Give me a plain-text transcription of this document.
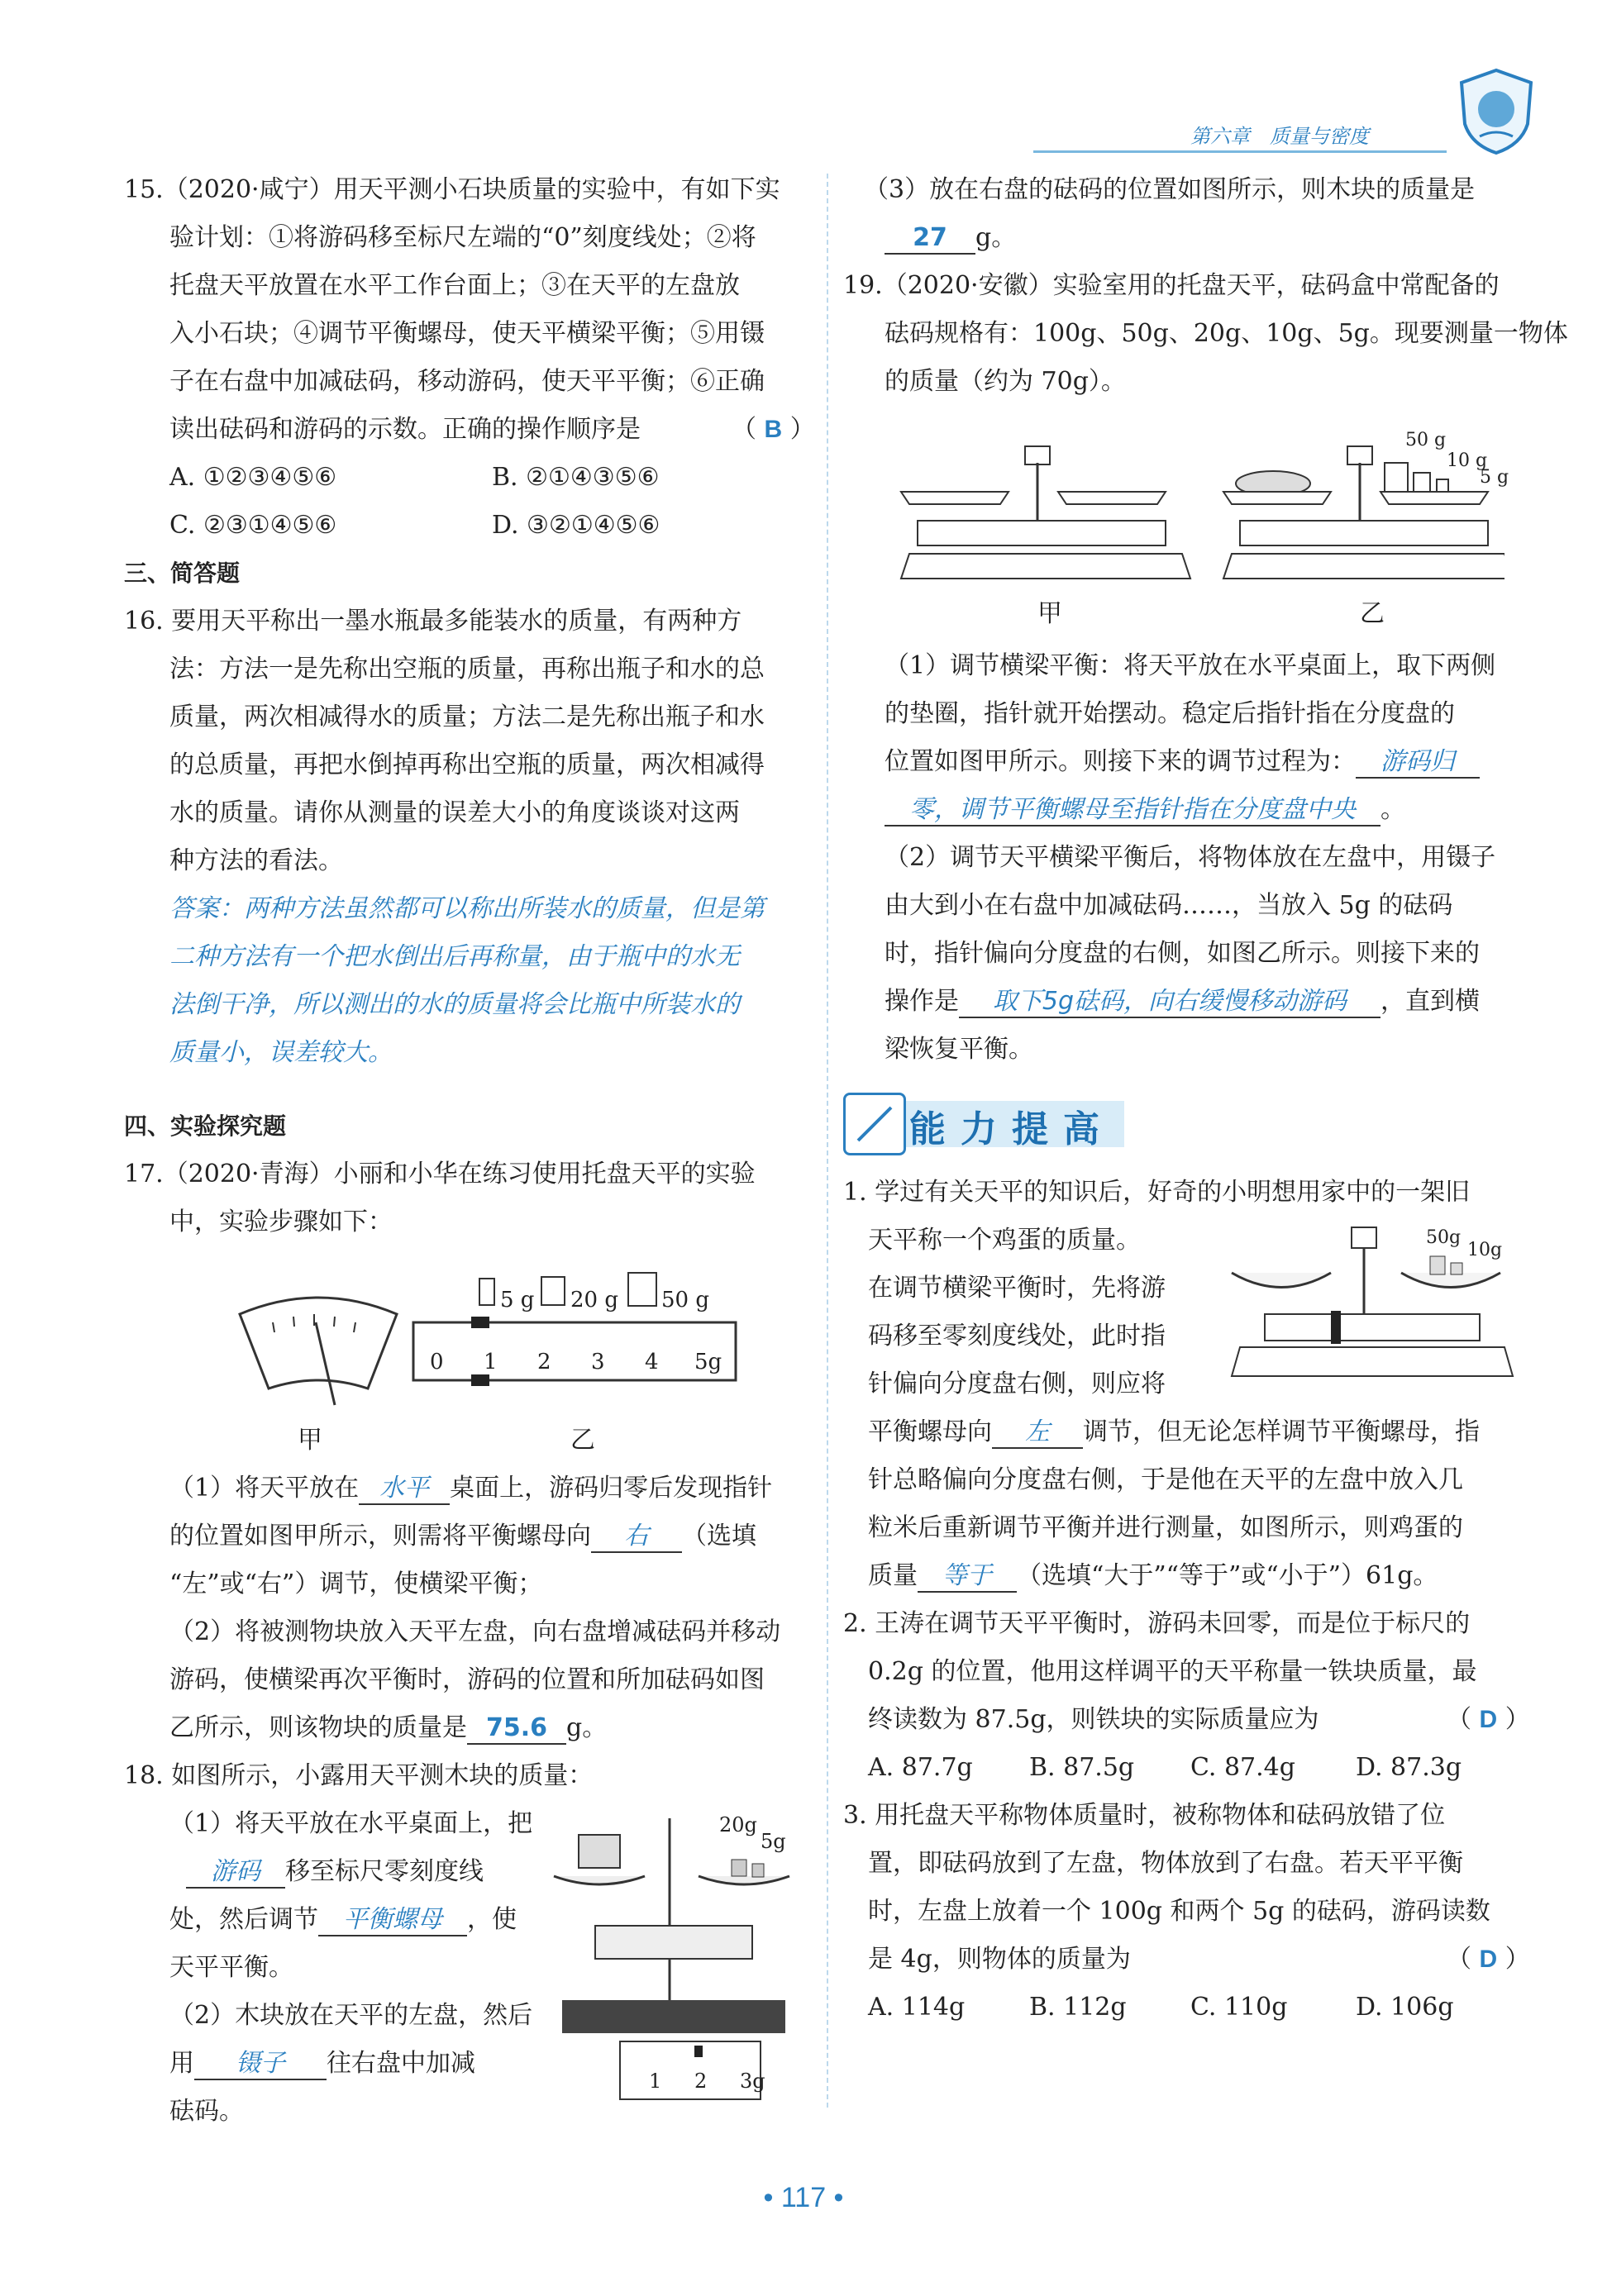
第六章　质量与密度
15.（2020·咸宁）用天平测小石块质量的实验中，有如下实
验计划：①将游码移至标尺左端的“0”刻度线处；②将
托盘天平放置在水平工作台面上；③在天平的左盘放
入小石块；④调节平衡螺母，使天平横梁平衡；⑤用镊
子在右盘中加减砝码，移动游码，使天平平衡；⑥正确
读出砝码和游码的示数。正确的操作顺序是	（ B ）
A. ①②③④⑤⑥	B. ②①④③⑤⑥
C. ②③①④⑤⑥	D. ③②①④⑤⑥
三、简答题
16. 要用天平称出一墨水瓶最多能装水的质量，有两种方
法：方法一是先称出空瓶的质量，再称出瓶子和水的总
质量，两次相减得水的质量；方法二是先称出瓶子和水
的总质量，再把水倒掉再称出空瓶的质量，两次相减得
水的质量。请你从测量的误差大小的角度谈谈对这两
种方法的看法。
答案：两种方法虽然都可以称出所装水的质量，但是第
二种方法有一个把水倒出后再称量，由于瓶中的水无
法倒干净，所以测出的水的质量将会比瓶中所装水的
质量小，误差较大。
四、实验探究题
17.（2020·青海）小丽和小华在练习使用托盘天平的实验
中，实验步骤如下：
甲
5 g 20 g 50 g
0 1 2 3 4 5g
乙
（1）将天平放在 水平 桌面上，游码归零后发现指针
的位置如图甲所示，则需将平衡螺母向 右 （选填
“左”或“右”）调节，使横梁平衡；
（2）将被测物块放入天平左盘，向右盘增减砝码并移动
游码，使横梁再次平衡时，游码的位置和所加砝码如图
乙所示，则该物块的质量是 75.6 g。
18. 如图所示，小露用天平测木块的质量：
（1）将天平放在水平桌面上，把
游码 移至标尺零刻度线
处，然后调节 平衡螺母 ，使
天平平衡。
（2）木块放在天平的左盘，然后
用 镊子 往右盘中加减
砝码。
20g
5g
1 2 3g
（3）放在右盘的砝码的位置如图所示，则木块的质量是
27 g。
19.（2020·安徽）实验室用的托盘天平，砝码盒中常配备的
砝码规格有：100g、50g、20g、10g、5g。现要测量一物体
的质量（约为 70g）。
50 g
10 g
5 g
甲	乙
（1）调节横梁平衡：将天平放在水平桌面上，取下两侧
的垫圈，指针就开始摆动。稳定后指针指在分度盘的
位置如图甲所示。则接下来的调节过程为： 游码归
零，调节平衡螺母至指针指在分度盘中央 。
（2）调节天平横梁平衡后，将物体放在左盘中，用镊子
由大到小在右盘中加减砝码……，当放入 5g 的砝码
时，指针偏向分度盘的右侧，如图乙所示。则接下来的
操作是 取下5g砝码，向右缓慢移动游码 ，直到横
梁恢复平衡。
能力提高
1. 学过有关天平的知识后，好奇的小明想用家中的一架旧
天平称一个鸡蛋的质量。
在调节横梁平衡时，先将游
码移至零刻度线处，此时指
针偏向分度盘右侧，则应将
平衡螺母向 左 调节，但无论怎样调节平衡螺母，指
针总略偏向分度盘右侧，于是他在天平的左盘中放入几
粒米后重新调节平衡并进行测量，如图所示，则鸡蛋的
质量 等于 （选填“大于”“等于”或“小于”）61g。
50g
10g
2. 王涛在调节天平平衡时，游码未回零，而是位于标尺的
0.2g 的位置，他用这样调平的天平称量一铁块质量，最
终读数为 87.5g，则铁块的实际质量应为	（ D ）
A. 87.7g B. 87.5g C. 87.4g D. 87.3g
3. 用托盘天平称物体质量时，被称物体和砝码放错了位
置，即砝码放到了左盘，物体放到了右盘。若天平平衡
时，左盘上放着一个 100g 和两个 5g 的砝码，游码读数
是 4g，则物体的质量为	（ D ）
A. 114g	B. 112g	C. 110g	D. 106g
• 117 •
